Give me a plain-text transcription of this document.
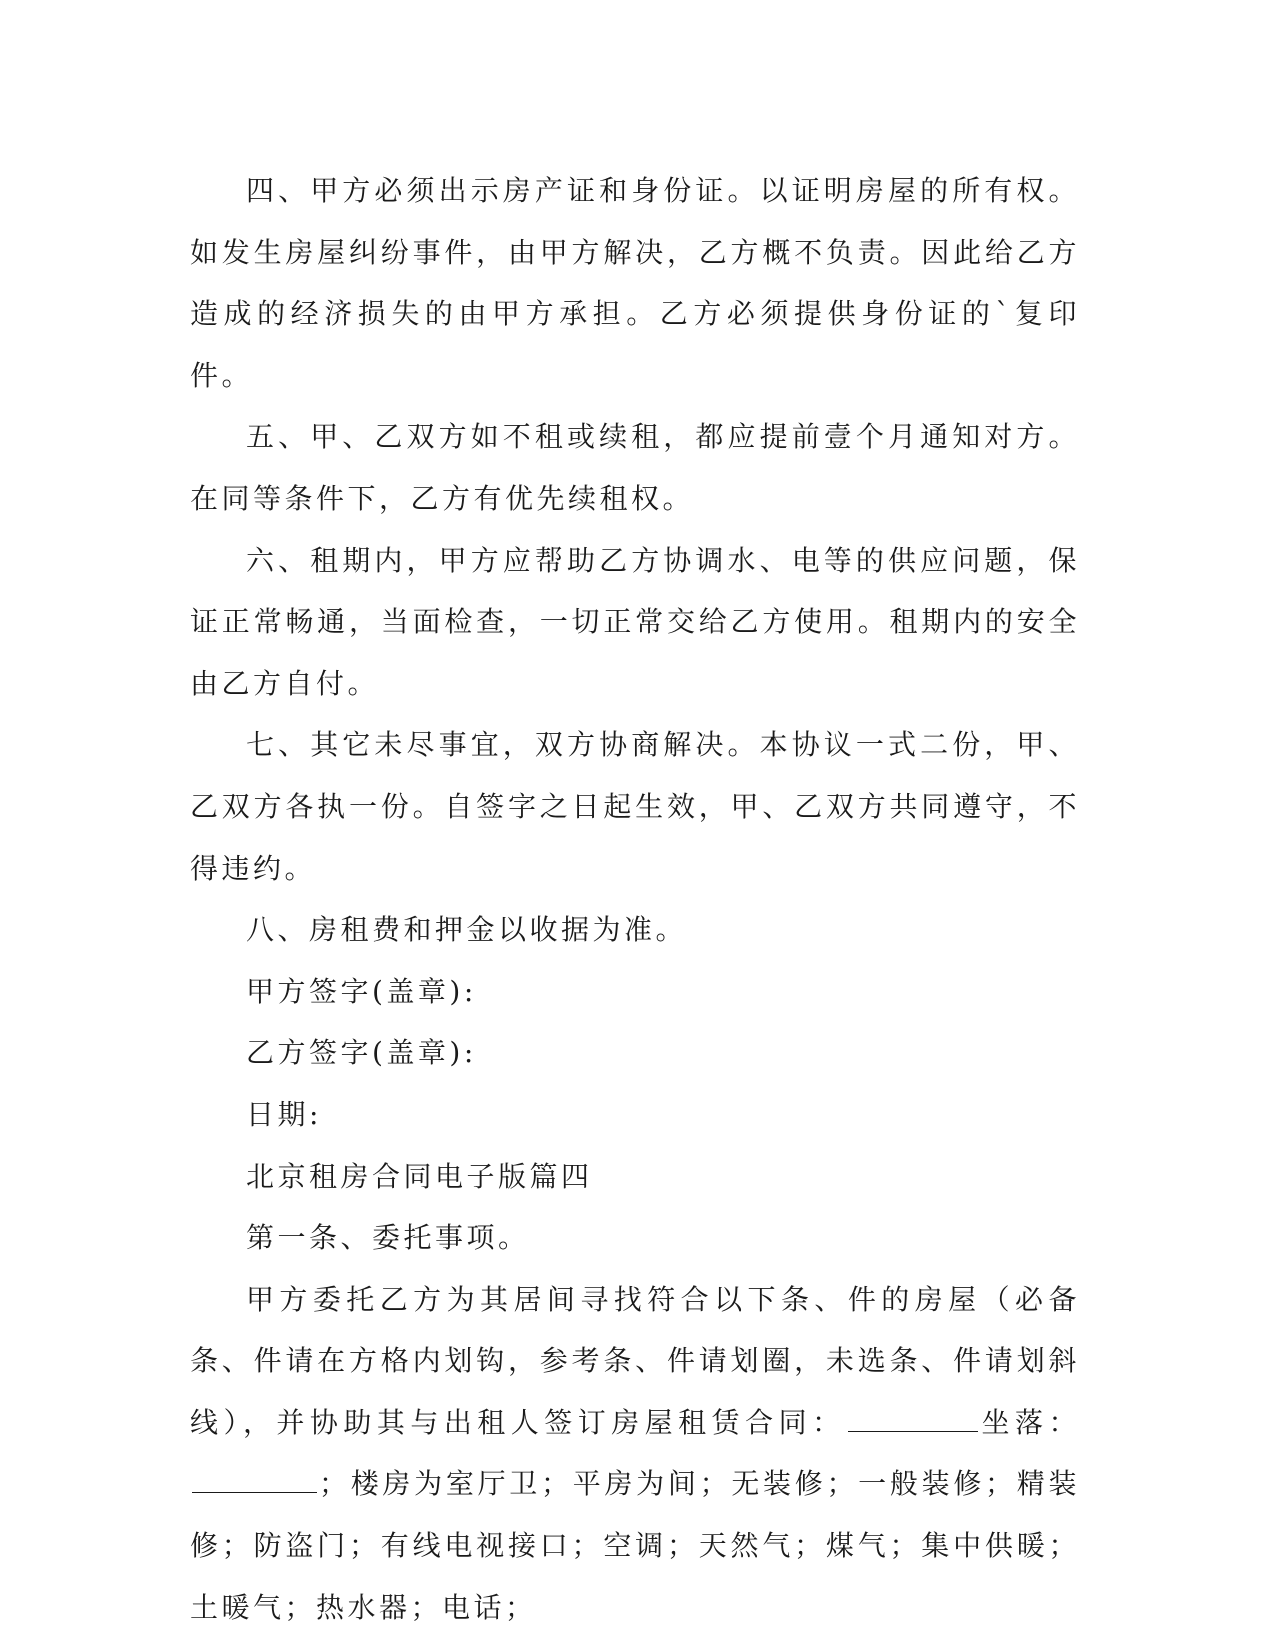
四、甲方必须出示房产证和身份证。以证明房屋的所有权。如发生房屋纠纷事件，由甲方解决，乙方概不负责。因此给乙方造成的经济损失的由甲方承担。乙方必须提供身份证的`复印件。

五、甲、乙双方如不租或续租，都应提前壹个月通知对方。在同等条件下，乙方有优先续租权。

六、租期内，甲方应帮助乙方协调水、电等的供应问题，保证正常畅通，当面检查，一切正常交给乙方使用。租期内的安全由乙方自付。

七、其它未尽事宜，双方协商解决。本协议一式二份，甲、乙双方各执一份。自签字之日起生效，甲、乙双方共同遵守，不得违约。

八、房租费和押金以收据为准。

甲方签字(盖章):

乙方签字(盖章):

日期:

北京租房合同电子版篇四

第一条、委托事项。

甲方委托乙方为其居间寻找符合以下条、件的房屋（必备条、件请在方格内划钩，参考条、件请划圈，未选条、件请划斜线），并协助其与出租人签订房屋租赁合同：	坐落：；楼房为室厅卫；平房为间；无装修；一般装修；精装修；防盗门；有线电视接口；空调；天然气；煤气；集中供暖；土暖气；热水器；电话；
